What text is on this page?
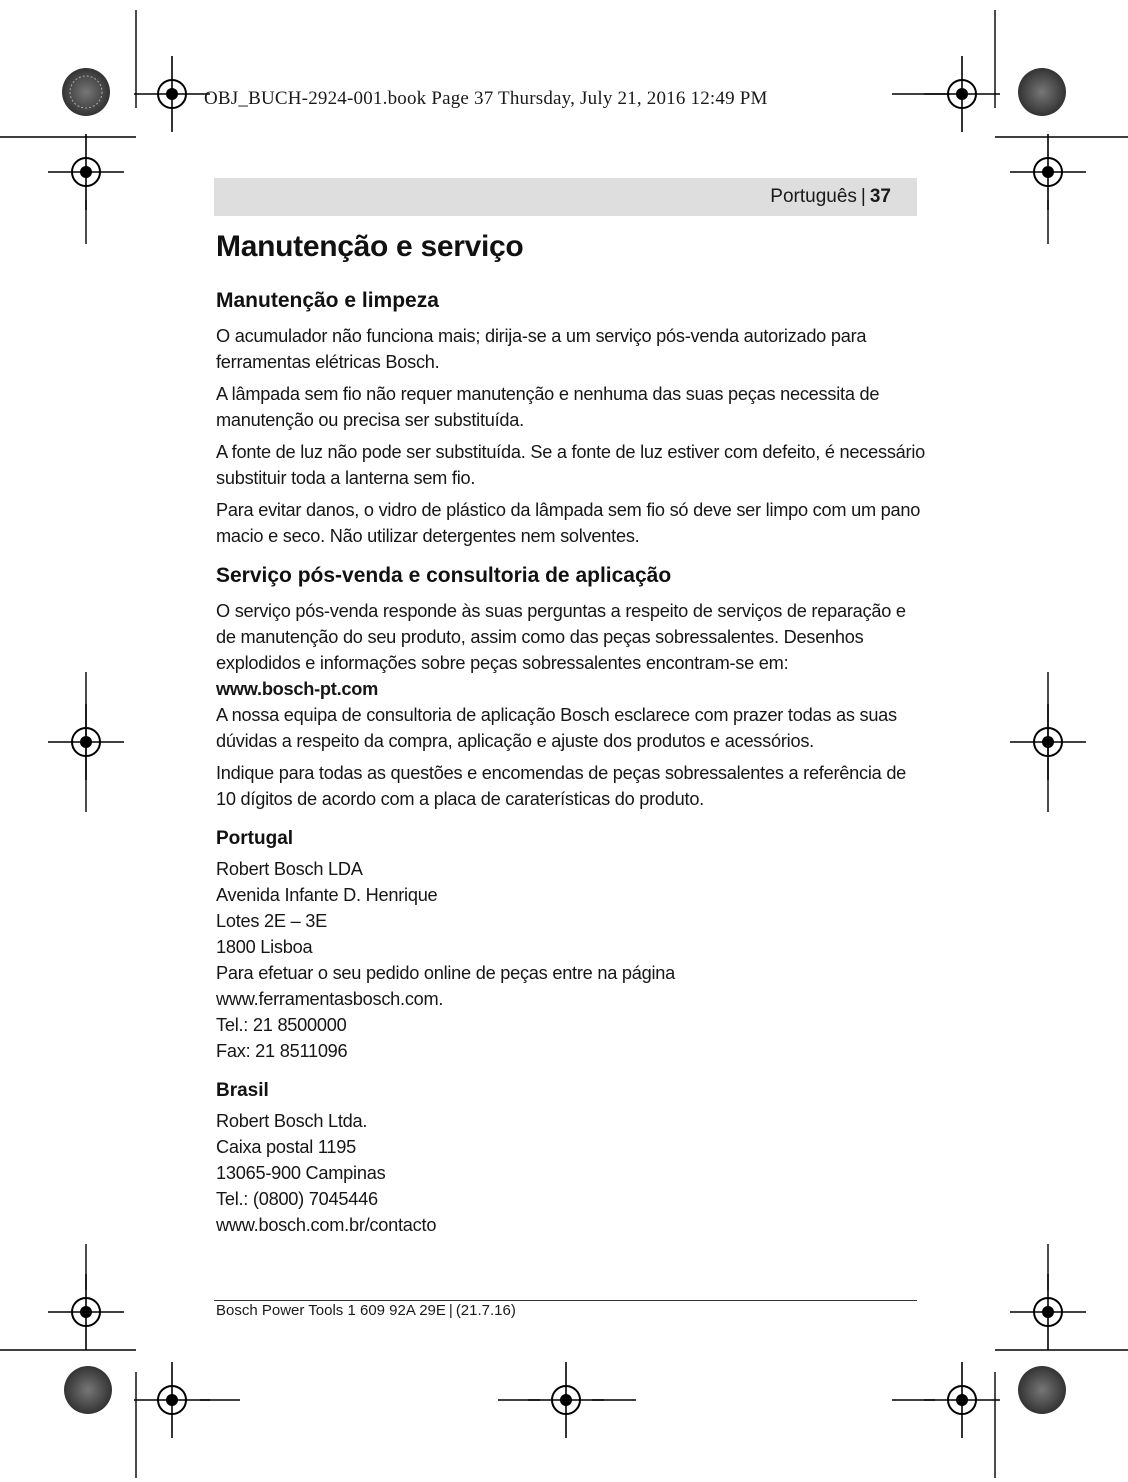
OBJ_BUCH-2924-001.book Page 37 Thursday, July 21, 2016 12:49 PM
Português | 37
Manutenção e serviço
Manutenção e limpeza

O acumulador não funciona mais; dirija-se a um serviço pós-venda autorizado para ferramentas elétricas Bosch.

A lâmpada sem fio não requer manutenção e nenhuma das suas peças necessita de manutenção ou precisa ser substituída.

A fonte de luz não pode ser substituída. Se a fonte de luz estiver com defeito, é necessário substituir toda a lanterna sem fio.

Para evitar danos, o vidro de plástico da lâmpada sem fio só deve ser limpo com um pano macio e seco. Não utilizar detergentes nem solventes.

Serviço pós-venda e consultoria de aplicação

O serviço pós-venda responde às suas perguntas a respeito de serviços de reparação e de manutenção do seu produto, assim como das peças sobressalentes. Desenhos explodidos e informações sobre peças sobressalentes encontram-se em:

www.bosch-pt.com

A nossa equipa de consultoria de aplicação Bosch esclarece com prazer todas as suas dúvidas a respeito da compra, aplicação e ajuste dos produtos e acessórios.

Indique para todas as questões e encomendas de peças sobressalentes a referência de 10 dígitos de acordo com a placa de caraterísticas do produto.

Portugal
Robert Bosch LDA
Avenida Infante D. Henrique
Lotes 2E – 3E
1800 Lisboa
Para efetuar o seu pedido online de peças entre na página
www.ferramentasbosch.com.
Tel.: 21 8500000
Fax: 21 8511096
Brasil
Robert Bosch Ltda.
Caixa postal 1195
13065-900 Campinas
Tel.: (0800) 7045446
www.bosch.com.br/contacto
Bosch Power Tools 1 609 92A 29E | (21.7.16)
